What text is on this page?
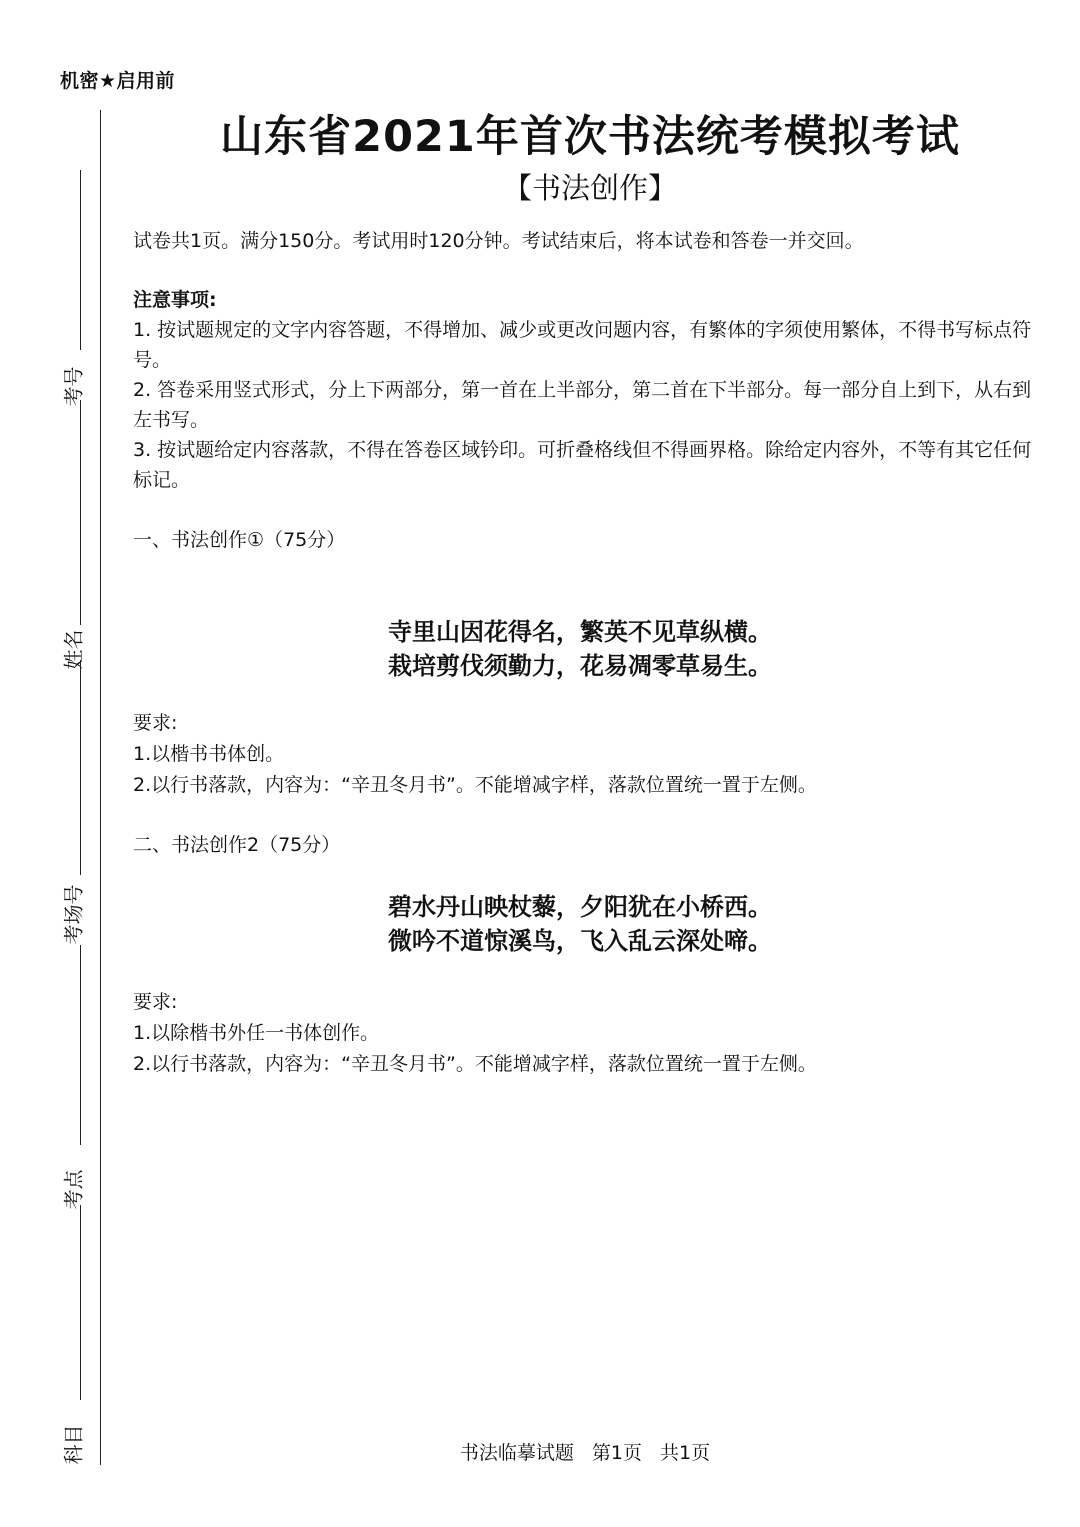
考号
姓名
考场号
考点
科目
机密★启用前
山东省2021年首次书法统考模拟考试
【书法创作】
试卷共1页。满分150分。考试用时120分钟。考试结束后，将本试卷和答卷一并交回。
注意事项:
1. 按试题规定的文字内容答题，不得增加、减少或更改问题内容，有繁体的字须使用繁体，不得书写标点符号。
2. 答卷采用竖式形式，分上下两部分，第一首在上半部分，第二首在下半部分。每一部分自上到下，从右到左书写。
3. 按试题给定内容落款，不得在答卷区域钤印。可折叠格线但不得画界格。除给定内容外，不等有其它任何标记。
一、书法创作①（75分）
寺里山因花得名，繁英不见草纵横。
栽培剪伐须勤力，花易凋零草易生。
要求:
1.以楷书书体创。
2.以行书落款，内容为：“辛丑冬月书”。不能增减字样，落款位置统一置于左侧。
二、书法创作2（75分）
碧水丹山映杖藜，夕阳犹在小桥西。
微吟不道惊溪鸟，飞入乱云深处啼。
要求:
1.以除楷书外任一书体创作。
2.以行书落款，内容为：“辛丑冬月书”。不能增减字样，落款位置统一置于左侧。
书法临摹试题 第1页 共1页
